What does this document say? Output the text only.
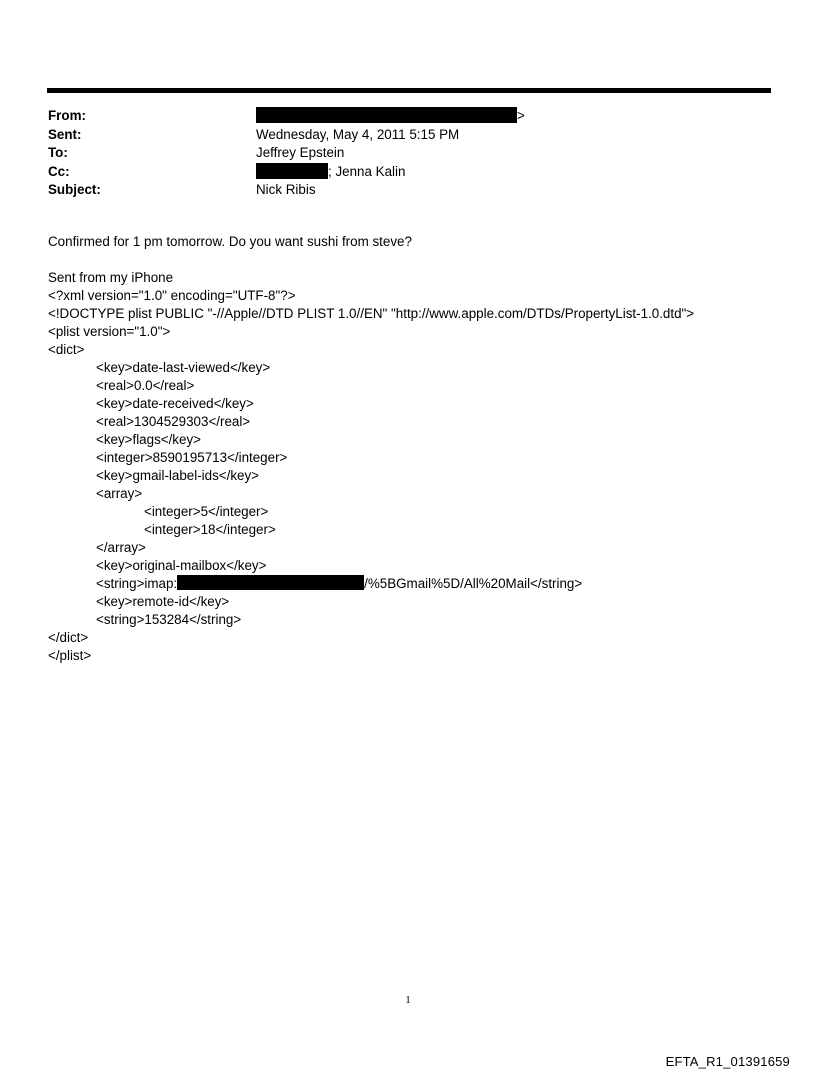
From:	>
Sent:	Wednesday, May 4, 2011 5:15 PM
To:	Jeffrey Epstein
Cc:	; Jenna Kalin
Subject:	Nick Ribis
Confirmed for 1 pm tomorrow. Do you want sushi from steve?
Sent from my iPhone
<?xml version="1.0" encoding="UTF-8"?>
<!DOCTYPE plist PUBLIC "-//Apple//DTD PLIST 1.0//EN" "http://www.apple.com/DTDs/PropertyList-1.0.dtd">
<plist version="1.0">
<dict>
<key>date-last-viewed</key>
<real>0.0</real>
<key>date-received</key>
<real>1304529303</real>
<key>flags</key>
<integer>8590195713</integer>
<key>gmail-label-ids</key>
<array>
<integer>5</integer>
<integer>18</integer>
</array>
<key>original-mailbox</key>
<string>imap:	/%5BGmail%5D/All%20Mail</string>
<key>remote-id</key>
<string>153284</string>
</dict>
</plist>
1
EFTA_R1_01391659
